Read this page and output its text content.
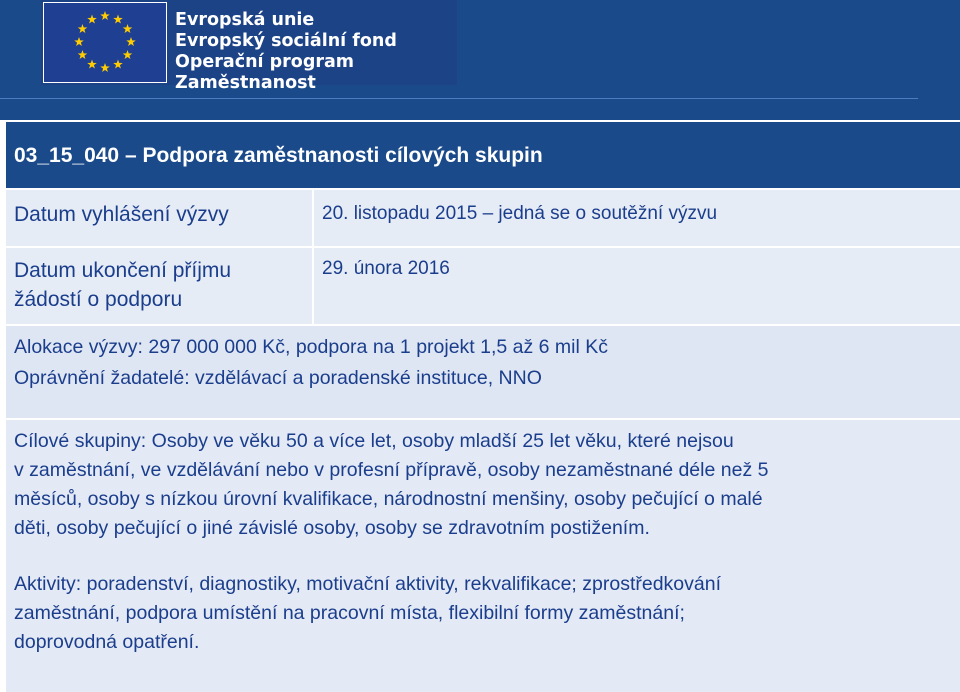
Evropská unie
Evropský sociální fond
Operační program Zaměstnanost
03_15_040 – Podpora zaměstnanosti cílových skupin
Datum vyhlášení výzvy	20. listopadu 2015 – jedná se o soutěžní výzvu
Datum ukončení příjmu
žádostí o podporu
29. února 2016
Alokace výzvy: 297 000 000 Kč, podpora na 1 projekt 1,5 až 6 mil Kč
Oprávnění žadatelé: vzdělávací a poradenské instituce, NNO
Cílové skupiny: Osoby ve věku 50 a více let, osoby mladší 25 let věku, které nejsou
v zaměstnání, ve vzdělávání nebo v profesní přípravě, osoby nezaměstnané déle než 5
měsíců, osoby s nízkou úrovní kvalifikace, národnostní menšiny, osoby pečující o malé
děti, osoby pečující o jiné závislé osoby, osoby se zdravotním postižením.
Aktivity: poradenství, diagnostiky, motivační aktivity, rekvalifikace; zprostředkování
zaměstnání, podpora umístění na pracovní místa, flexibilní formy zaměstnání;
doprovodná opatření.
